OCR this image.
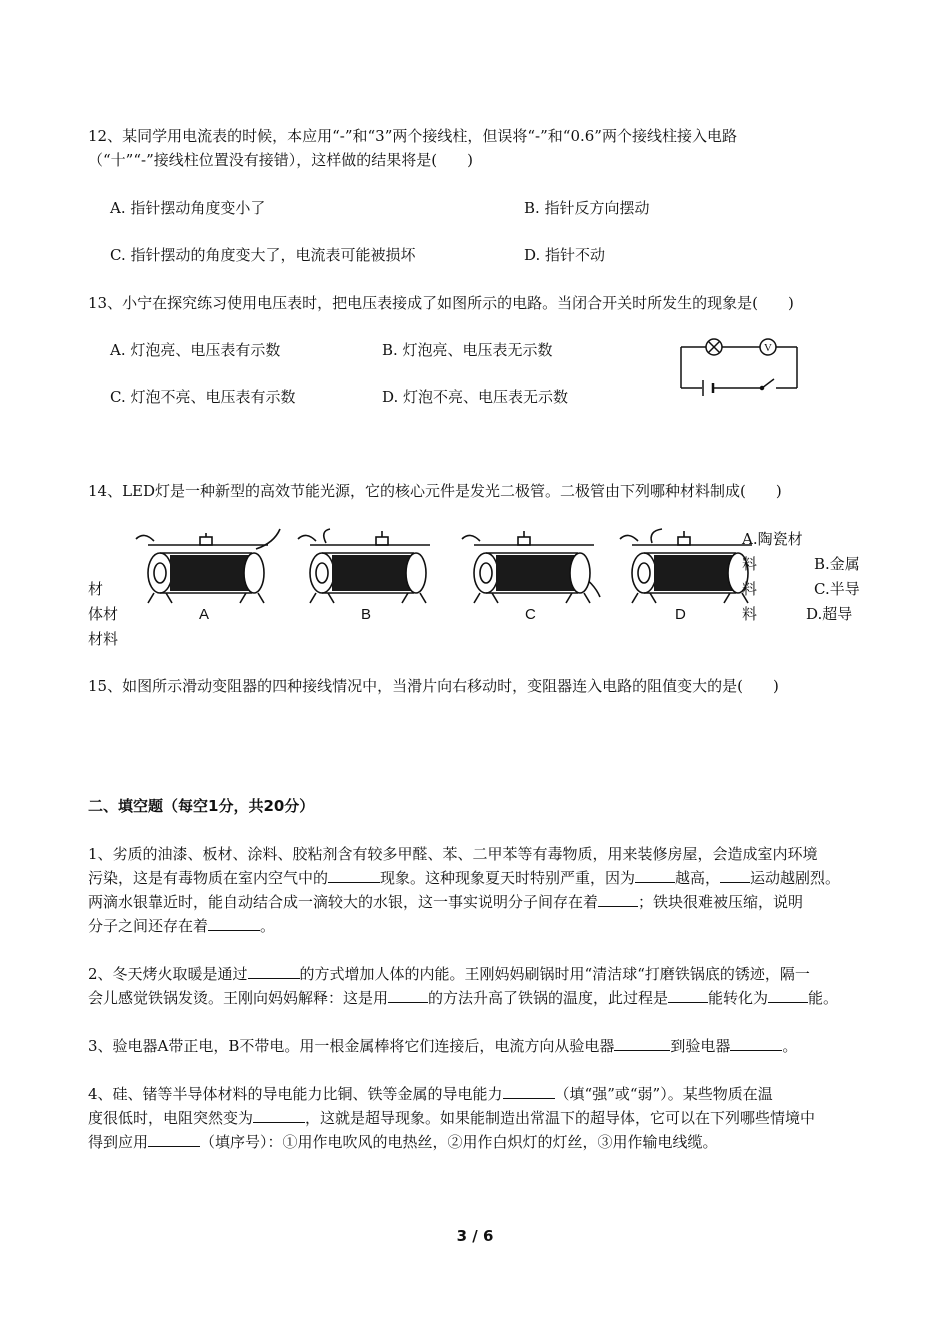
12、某同学用电流表的时候，本应用“-”和“3”两个接线柱，但误将“-”和“0.6”两个接线柱接入电路
（“十”“-”接线柱位置没有接错），这样做的结果将是(　　)
A. 指针摆动角度变小了	B. 指针反方向摆动
C. 指针摆动的角度变大了，电流表可能被损坏	D. 指针不动
13、小宁在探究练习使用电压表时，把电压表接成了如图所示的电路。当闭合开关时所发生的现象是(　　)
A. 灯泡亮、电压表有示数	B. 灯泡亮、电压表无示数
C. 灯泡不亮、电压表有示数	D. 灯泡不亮、电压表无示数
V
14、LED灯是一种新型的高效节能光源，它的核心元件是发光二极管。二极管由下列哪种材料制成(　　)
A	B	C	D
A.陶瓷材
料
料
料
B.金属
C.半导
D.超导
材
体材
材料
15、如图所示滑动变阻器的四种接线情况中，当滑片向右移动时，变阻器连入电路的阻值变大的是(　　)
二、填空题（每空1分，共20分）
1、劣质的油漆、板材、涂料、胶粘剂含有较多甲醛、苯、二甲苯等有毒物质，用来装修房屋，会造成室内环境
污染，这是有毒物质在室内空气中的	现象。这种现象夏天时特别严重，因为	越高， 运动越剧烈。
两滴水银靠近时，能自动结合成一滴较大的水银，这一事实说明分子间存在着	；铁块很难被压缩，说明
分子之间还存在着	。
2、冬天烤火取暖是通过	的方式增加人体的内能。王刚妈妈刷锅时用“清洁球“打磨铁锅底的锈迹，隔一
会儿感觉铁锅发烫。王刚向妈妈解释：这是用	的方法升高了铁锅的温度，此过程是	能转化为	能。
3、验电器A带正电，B不带电。用一根金属棒将它们连接后，电流方向从验电器	到验电器	。
4、硅、锗等半导体材料的导电能力比铜、铁等金属的导电能力	（填“强”或“弱”）。某些物质在温
度很低时，电阻突然变为	，这就是超导现象。如果能制造出常温下的超导体，它可以在下列哪些情境中
得到应用	（填序号）：①用作电吹风的电热丝，②用作白炽灯的灯丝，③用作输电线缆。
3 / 6
